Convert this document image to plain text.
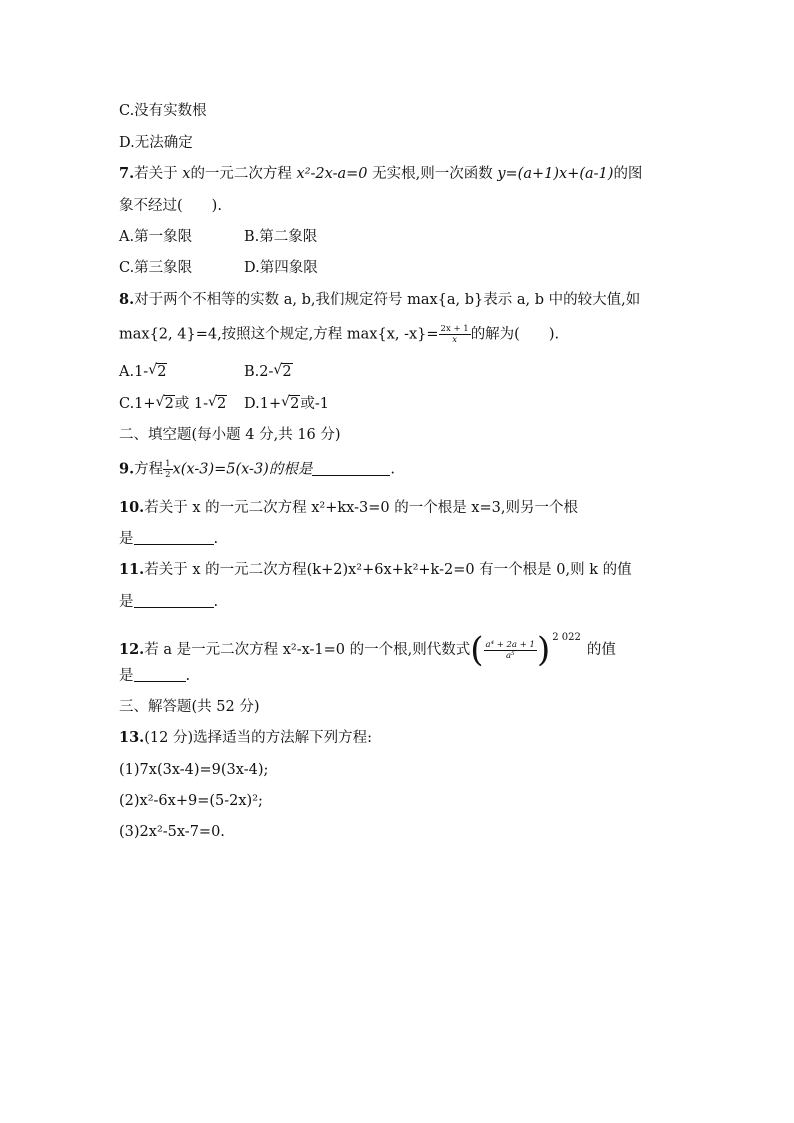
C.没有实数根
D.无法确定
7.若关于 x的一元二次方程 x²-2x-a=0 无实根,则一次函数 y=(a+1)x+(a-1)的图
象不经过(　　).
A.第一象限	B.第二象限
C.第三象限	D.第四象限
8.对于两个不相等的实数 a, b,我们规定符号 max{a, b}表示 a, b 中的较大值,如
max{2, 4}=4,按照这个规定,方程 max{x, $-x\}= \frac{2x + 1}{x}$ 的解为(　　).
A.1- √ 2	B.2- √ 2
C.1+ √ 2或 1- √ 2 D.1+ √ 2或-1
二、填空题(每小题 4 分,共 16 分)
9.方程 $\frac{1}{2} x(x-3)=5(x-3)$的根是	.
10.若关于 x 的一元二次方程 x²+kx-3=0 的一个根是 x=3,则另一个根
是	.
11.若关于 x 的一元二次方程(k+2)x²+6x+k²+k-2=0 有一个根是 0,则 k 的值
是	.
12.若 a 是一元二次方程 x²-x-1=0 的一个根,则代数式( $\frac{\text{a⁴ + 2a + 1}}{\text{a⁵}}$ ) $^{2 022}$的值
是	.
三、解答题(共 52 分)
13.(12 分)选择适当的方法解下列方程:
(1)7x(3x-4)=9(3x-4);
(2)x²-6x+9=(5-2x)²;
(3)2x²-5x-7=0.
